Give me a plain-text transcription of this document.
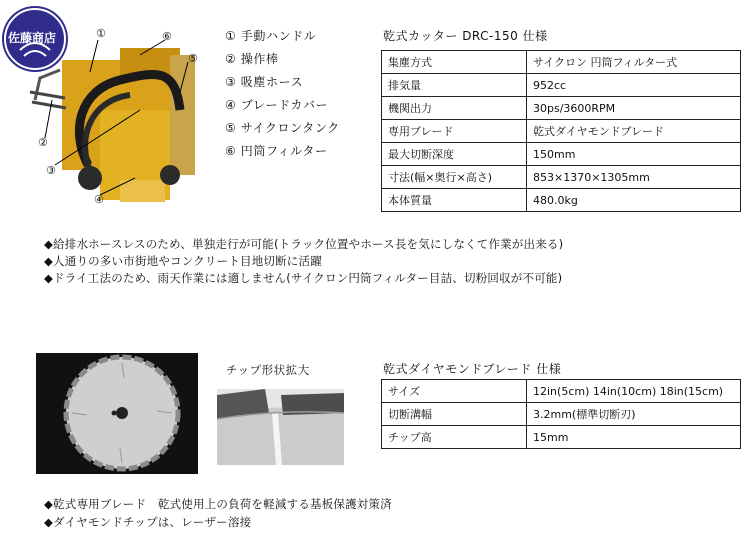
佐藤商店	①
②
③
④
⑤
⑥	① 手動ハンドル
② 操作棒
③ 吸塵ホース
④ ブレードカバー
⑤ サイクロンタンク
⑥ 円筒フィルター
乾式カッター DRC-150 仕様
集塵方式	サイクロン 円筒フィルター式
排気量	952cc
機関出力	30ps/3600RPM
専用ブレード	乾式ダイヤモンドブレード
最大切断深度	150mm
寸法(幅×奥行×高さ)	853×1370×1305mm
本体質量	480.0kg
◆給排水ホースレスのため、単独走行が可能(トラック位置やホース長を気にしなくて作業が出来る)
◆人通りの多い市街地やコンクリート目地切断に活躍
◆ドライ工法のため、雨天作業には適しません(サイクロン円筒フィルター目詰、切粉回収が不可能)
チップ形状拡大	乾式ダイヤモンドブレード 仕様
サイズ	12in(5cm) 14in(10cm) 18in(15cm)
切断溝幅	3.2mm(標準切断刃)
チップ高	15mm
◆乾式専用ブレード　乾式使用上の負荷を軽減する基板保護対策済
◆ダイヤモンドチップは、レーザー溶接
